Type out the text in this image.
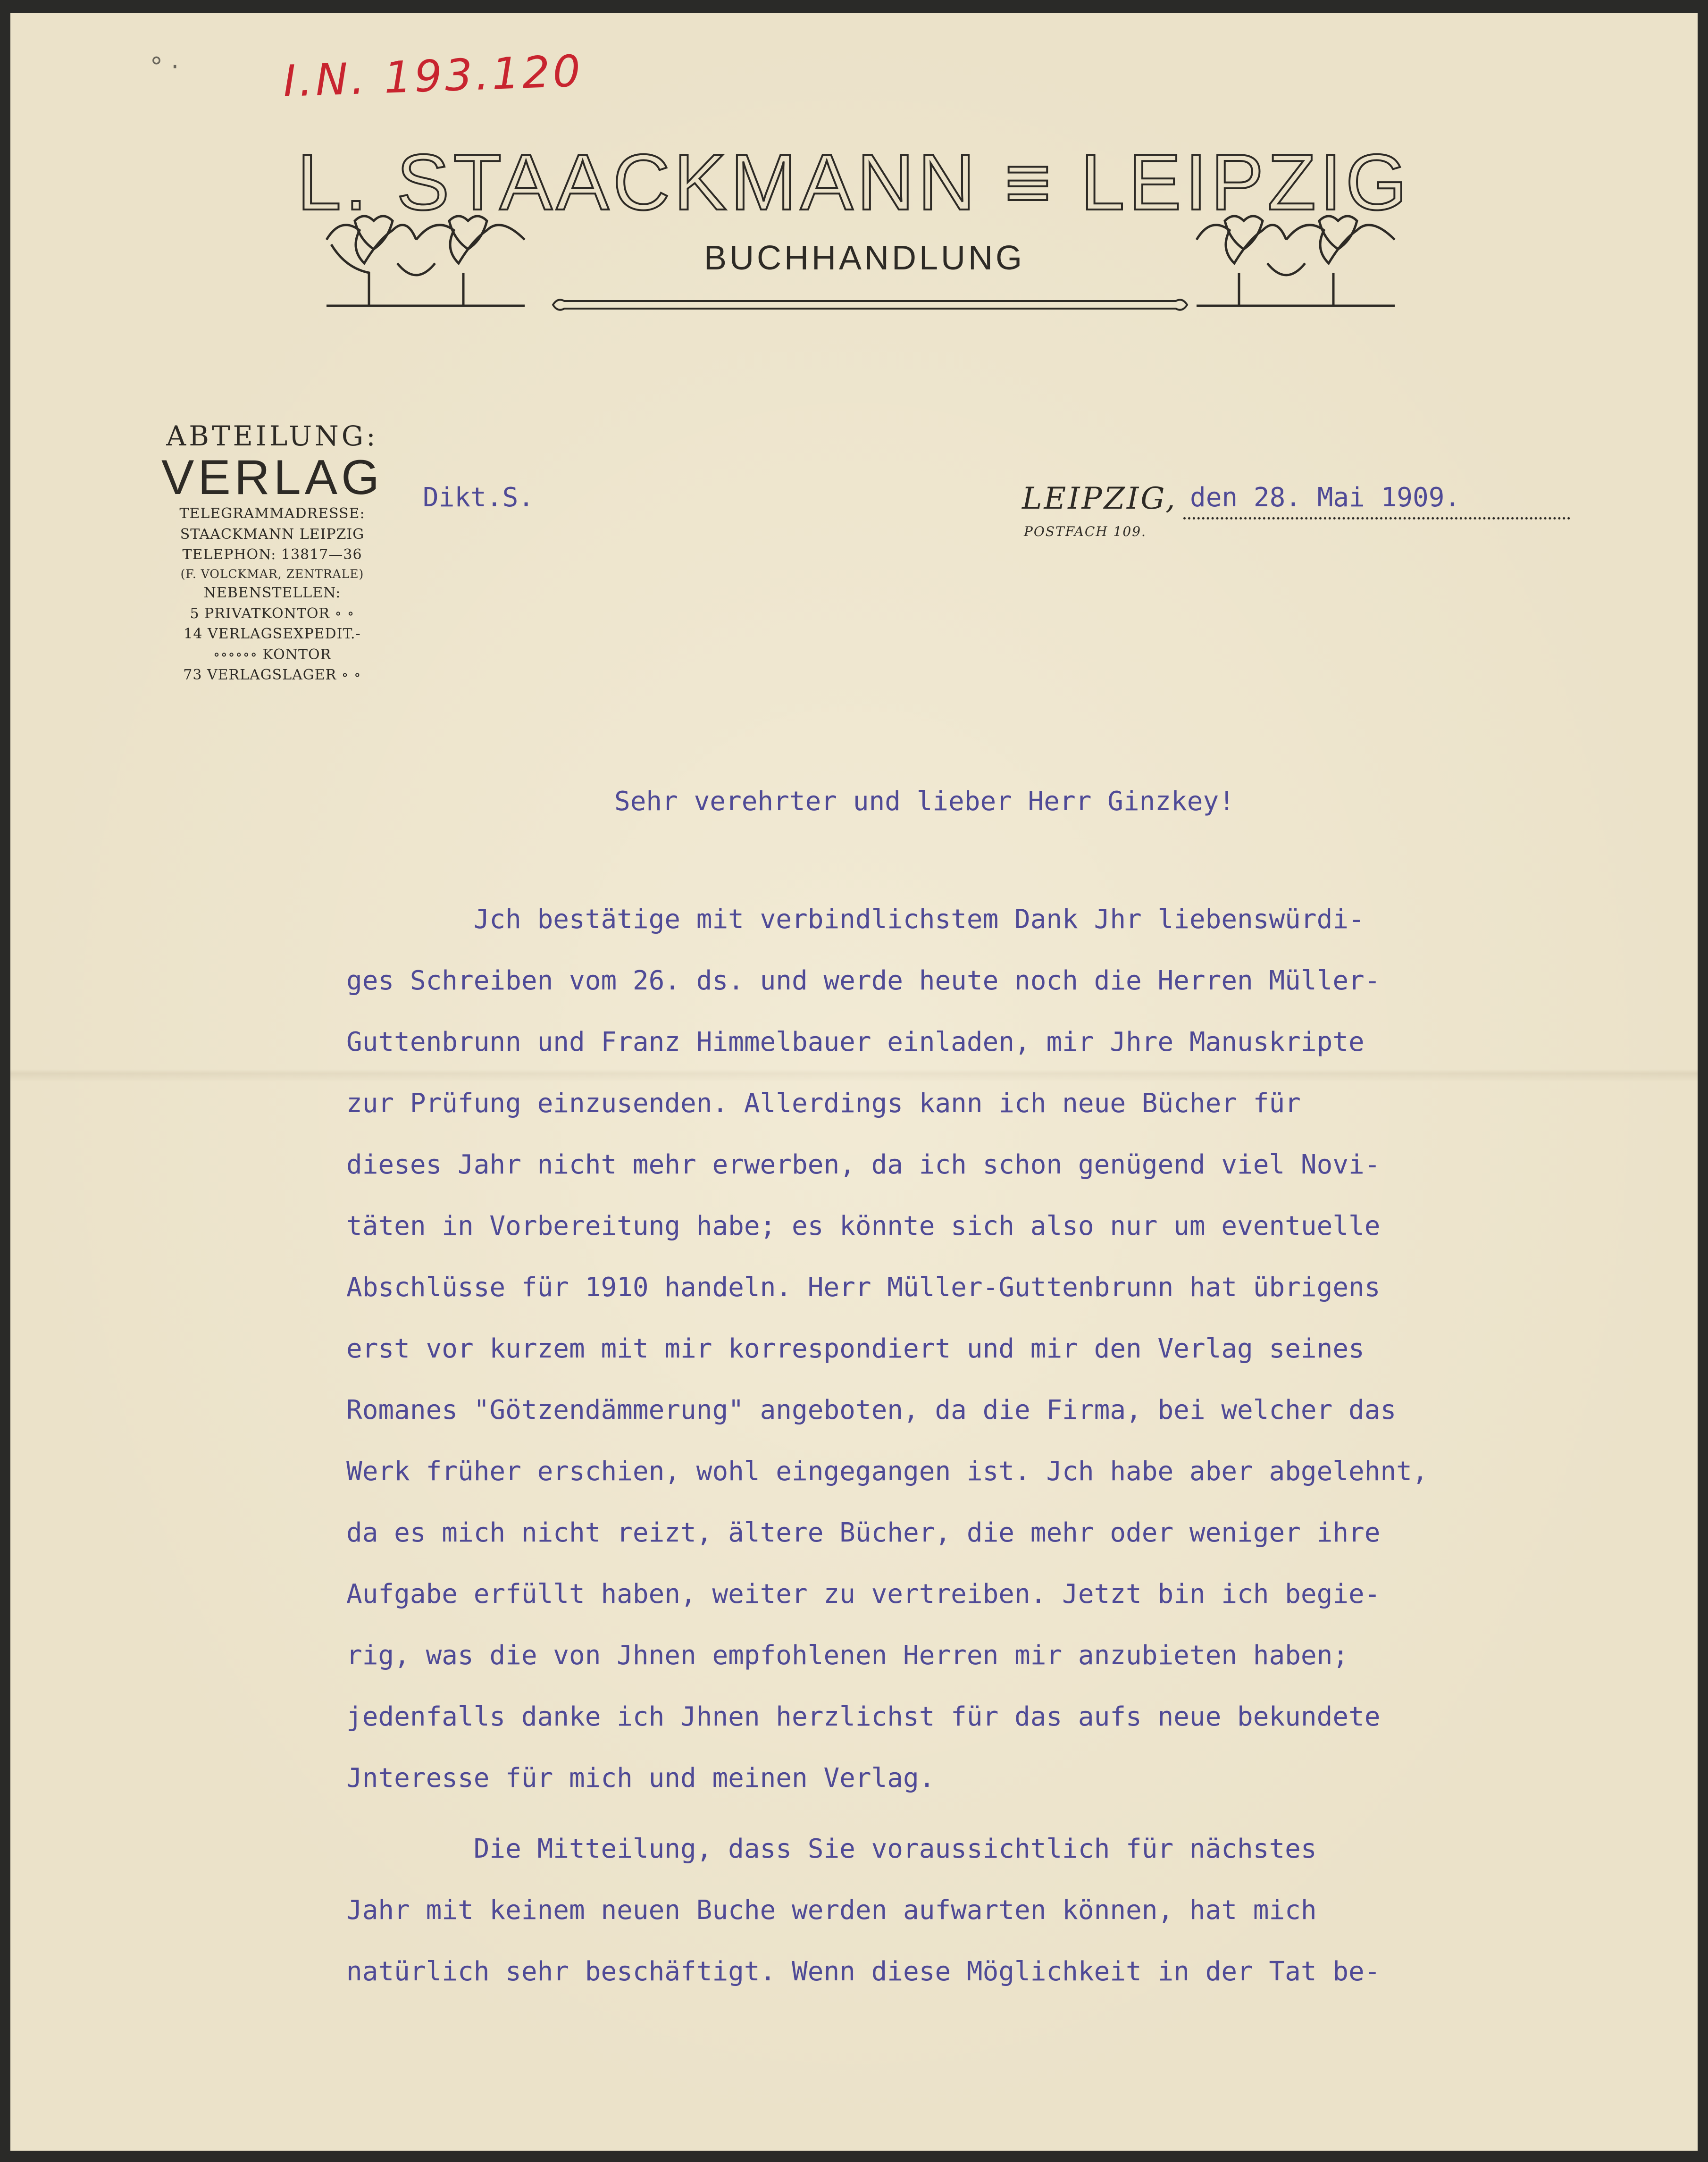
° · I.N. 193.120
L. STAACKMANN ≡ LEIPZIG
BUCHHANDLUNG
ABTEILUNG:
VERLAG
TELEGRAMMADRESSE:
STAACKMANN LEIPZIG
TELEPHON: 13817—36
(F. VOLCKMAR, ZENTRALE)
NEBENSTELLEN:
5 PRIVATKONTOR ∘ ∘
14 VERLAGSEXPEDIT.-
∘∘∘∘∘∘ KONTOR
73 VERLAGSLAGER ∘ ∘
Dikt.S.	LEIPZIG,
POSTFACH 109.
den 28. Mai 1909.
Sehr verehrter und lieber Herr Ginzkey!
Jch bestätige mit verbindlichstem Dank Jhr liebenswürdi-
ges Schreiben vom 26. ds. und werde heute noch die Herren Müller-
Guttenbrunn und Franz Himmelbauer einladen, mir Jhre Manuskripte
zur Prüfung einzusenden. Allerdings kann ich neue Bücher für
dieses Jahr nicht mehr erwerben, da ich schon genügend viel Novi-
täten in Vorbereitung habe; es könnte sich also nur um eventuelle
Abschlüsse für 1910 handeln. Herr Müller-Guttenbrunn hat übrigens
erst vor kurzem mit mir korrespondiert und mir den Verlag seines
Romanes "Götzendämmerung" angeboten, da die Firma, bei welcher das
Werk früher erschien, wohl eingegangen ist. Jch habe aber abgelehnt,
da es mich nicht reizt, ältere Bücher, die mehr oder weniger ihre
Aufgabe erfüllt haben, weiter zu vertreiben. Jetzt bin ich begie-
rig, was die von Jhnen empfohlenen Herren mir anzubieten haben;
jedenfalls danke ich Jhnen herzlichst für das aufs neue bekundete
Jnteresse für mich und meinen Verlag.
Die Mitteilung, dass Sie voraussichtlich für nächstes
Jahr mit keinem neuen Buche werden aufwarten können, hat mich
natürlich sehr beschäftigt. Wenn diese Möglichkeit in der Tat be-
